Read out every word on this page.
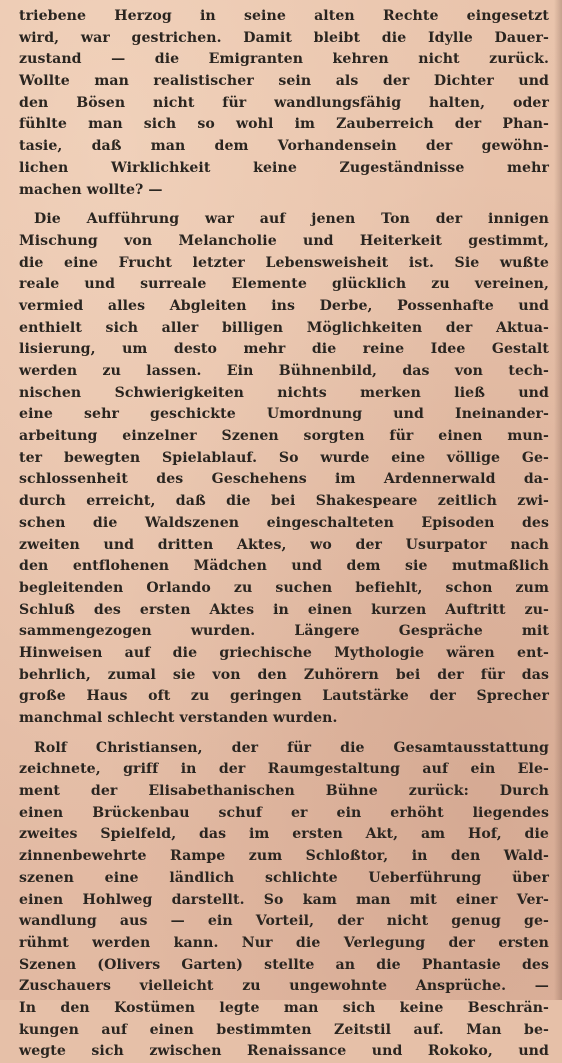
triebene Herzog in seine alten Rechte eingesetzt
wird, war gestrichen. Damit bleibt die Idylle Dauer-
zustand — die Emigranten kehren nicht zurück.
Wollte man realistischer sein als der Dichter und
den Bösen nicht für wandlungsfähig halten, oder
fühlte man sich so wohl im Zauberreich der Phan-
tasie, daß man dem Vorhandensein der gewöhn-
lichen Wirklichkeit keine Zugeständnisse mehr
machen wollte? —
Die Aufführung war auf jenen Ton der innigen
Mischung von Melancholie und Heiterkeit gestimmt,
die eine Frucht letzter Lebensweisheit ist. Sie wußte
reale und surreale Elemente glücklich zu vereinen,
vermied alles Abgleiten ins Derbe, Possenhafte und
enthielt sich aller billigen Möglichkeiten der Aktua-
lisierung, um desto mehr die reine Idee Gestalt
werden zu lassen. Ein Bühnenbild, das von tech-
nischen Schwierigkeiten nichts merken ließ und
eine sehr geschickte Umordnung und Ineinander-
arbeitung einzelner Szenen sorgten für einen mun-
ter bewegten Spielablauf. So wurde eine völlige Ge-
schlossenheit des Geschehens im Ardennerwald da-
durch erreicht, daß die bei Shakespeare zeitlich zwi-
schen die Waldszenen eingeschalteten Episoden des
zweiten und dritten Aktes, wo der Usurpator nach
den entflohenen Mädchen und dem sie mutmaßlich
begleitenden Orlando zu suchen befiehlt, schon zum
Schluß des ersten Aktes in einen kurzen Auftritt zu-
sammengezogen wurden. Längere Gespräche mit
Hinweisen auf die griechische Mythologie wären ent-
behrlich, zumal sie von den Zuhörern bei der für das
große Haus oft zu geringen Lautstärke der Sprecher
manchmal schlecht verstanden wurden.
Rolf Christiansen, der für die Gesamtausstattung
zeichnete, griff in der Raumgestaltung auf ein Ele-
ment der Elisabethanischen Bühne zurück: Durch
einen Brückenbau schuf er ein erhöht liegendes
zweites Spielfeld, das im ersten Akt, am Hof, die
zinnenbewehrte Rampe zum Schloßtor, in den Wald-
szenen eine ländlich schlichte Ueberführung über
einen Hohlweg darstellt. So kam man mit einer Ver-
wandlung aus — ein Vorteil, der nicht genug ge-
rühmt werden kann. Nur die Verlegung der ersten
Szenen (Olivers Garten) stellte an die Phantasie des
Zuschauers vielleicht zu ungewohnte Ansprüche. —
In den Kostümen legte man sich keine Beschrän-
kungen auf einen bestimmten Zeitstil auf. Man be-
wegte sich zwischen Renaissance und Rokoko, und
